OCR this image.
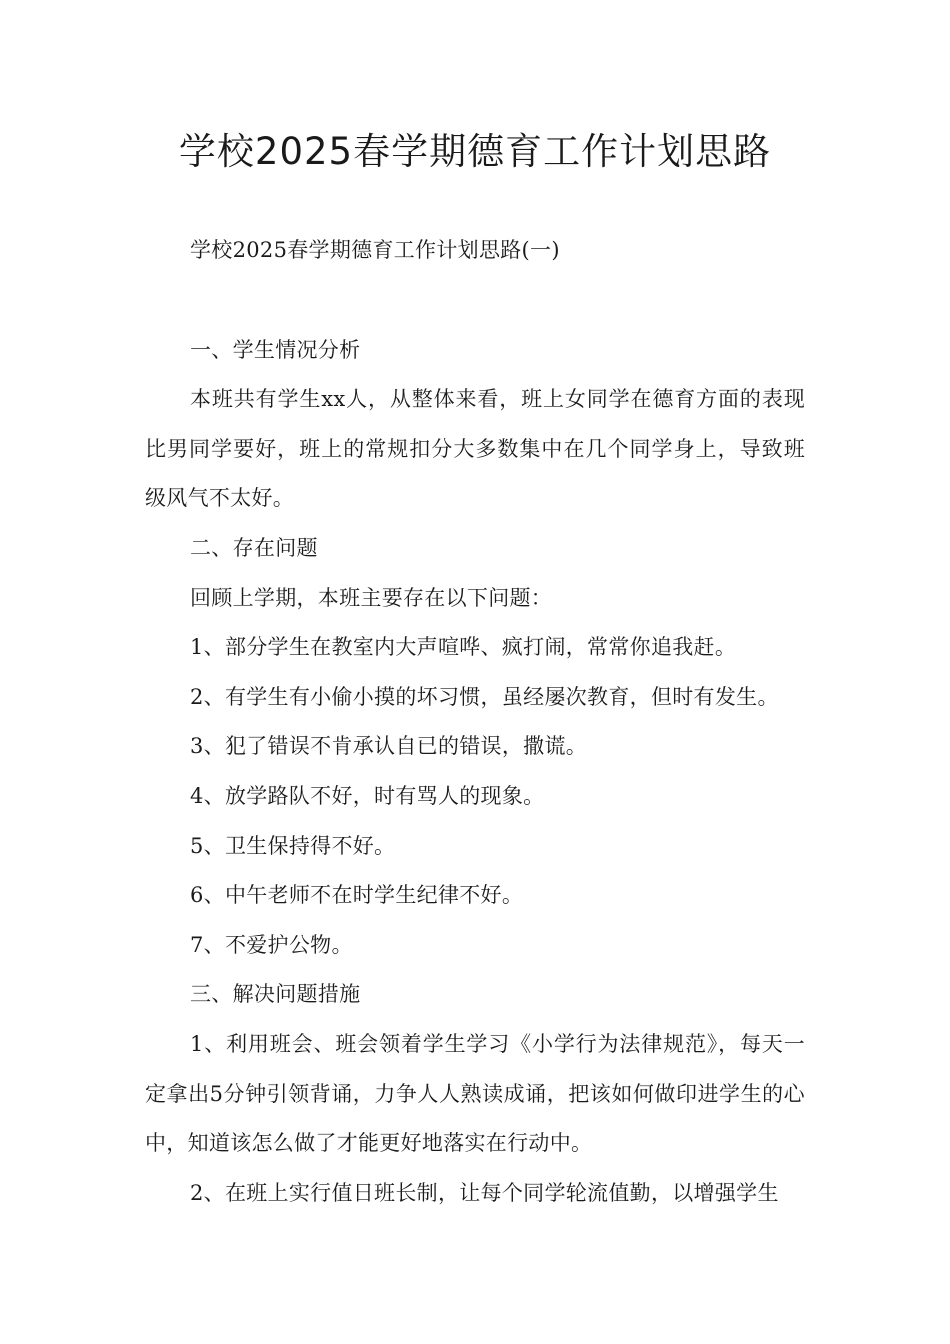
学校2025春学期德育工作计划思路

学校2025春学期德育工作计划思路(一)

一、学生情况分析

本班共有学生xx人，从整体来看，班上女同学在德育方面的表现比男同学要好，班上的常规扣分大多数集中在几个同学身上，导致班级风气不太好。

二、存在问题

回顾上学期，本班主要存在以下问题：

1、部分学生在教室内大声喧哗、疯打闹，常常你追我赶。

2、有学生有小偷小摸的坏习惯，虽经屡次教育，但时有发生。

3、犯了错误不肯承认自已的错误，撒谎。

4、放学路队不好，时有骂人的现象。

5、卫生保持得不好。

6、中午老师不在时学生纪律不好。

7、不爱护公物。

三、解决问题措施

1、利用班会、班会领着学生学习《小学行为法律规范》，每天一定拿出5分钟引领背诵，力争人人熟读成诵，把该如何做印进学生的心中，知道该怎么做了才能更好地落实在行动中。

2、在班上实行值日班长制，让每个同学轮流值勤，以增强学生
